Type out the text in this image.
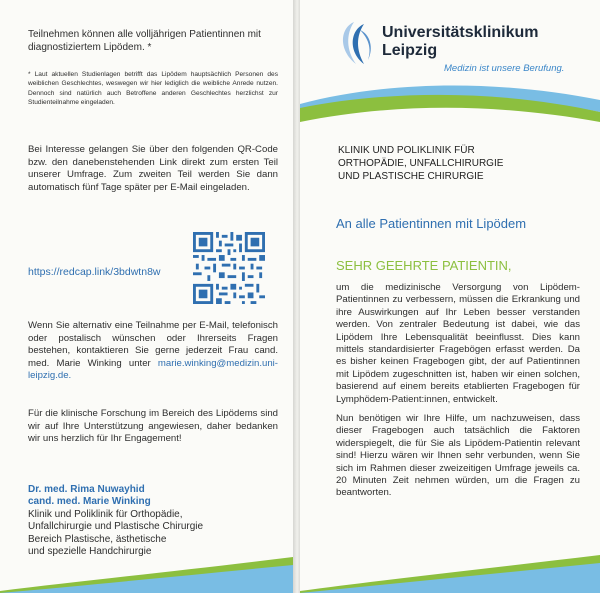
Teilnehmen können alle volljährigen Patientinnen mit diagnostiziertem Lipödem. *

* Laut aktuellen Studienlagen betrifft das Lipödem hauptsächlich Personen des weiblichen Geschlechtes, weswegen wir hier lediglich die weibliche Anrede nutzen. Dennoch sind natürlich auch Betroffene anderen Geschlechtes herzlichst zur Studienteilnahme eingeladen.

Bei Interesse gelangen Sie über den folgenden QR-Code bzw. den danebenstehenden Link direkt zum ersten Teil unserer Umfrage. Zum zweiten Teil werden Sie dann automatisch fünf Tage später per E-Mail eingeladen.

https://redcap.link/3bdwtn8w

Wenn Sie alternativ eine Teilnahme per E-Mail, telefonisch oder postalisch wünschen oder Ihrerseits Fragen bestehen, kontaktieren Sie gerne jederzeit Frau cand. med. Marie Winking unter marie.winking@medizin.uni-leipzig.de.

Für die klinische Forschung im Bereich des Lipödems sind wir auf Ihre Unterstützung angewiesen, daher bedanken wir uns herzlich für Ihr Engagement!

Dr. med. Rima Nuwayhid
cand. med. Marie Winking
Klinik und Poliklinik für Orthopädie,
Unfallchirurgie und Plastische Chirurgie
Bereich Plastische, ästhetische
und spezielle Handchirurgie
Universitätsklinikum
Leipzig
Medizin ist unsere Berufung.
KLINIK UND POLIKLINIK FÜR
ORTHOPÄDIE, UNFALLCHIRURGIE
UND PLASTISCHE CHIRURGIE
An alle Patientinnen mit Lipödem
SEHR GEEHRTE PATIENTIN,

um die medizinische Versorgung von Lipödem-Patientinnen zu verbessern, müssen die Erkrankung und ihre Auswirkungen auf Ihr Leben besser verstanden werden. Von zentraler Bedeutung ist dabei, wie das Lipödem Ihre Lebensqualität beeinflusst. Dies kann mittels standardisierter Fragebögen erfasst werden. Da es bisher keinen Fragebogen gibt, der auf Patientinnen mit Lipödem zugeschnitten ist, haben wir einen solchen, basierend auf einem bereits etablierten Fragebogen für Lymphödem-Patient:innen, entwickelt.

Nun benötigen wir Ihre Hilfe, um nachzuweisen, dass dieser Fragebogen auch tatsächlich die Faktoren widerspiegelt, die für Sie als Lipödem-Patientin relevant sind! Hierzu wären wir Ihnen sehr verbunden, wenn Sie sich im Rahmen dieser zweizeitigen Umfrage jeweils ca. 20 Minuten Zeit nehmen würden, um die Fragen zu beantworten.
